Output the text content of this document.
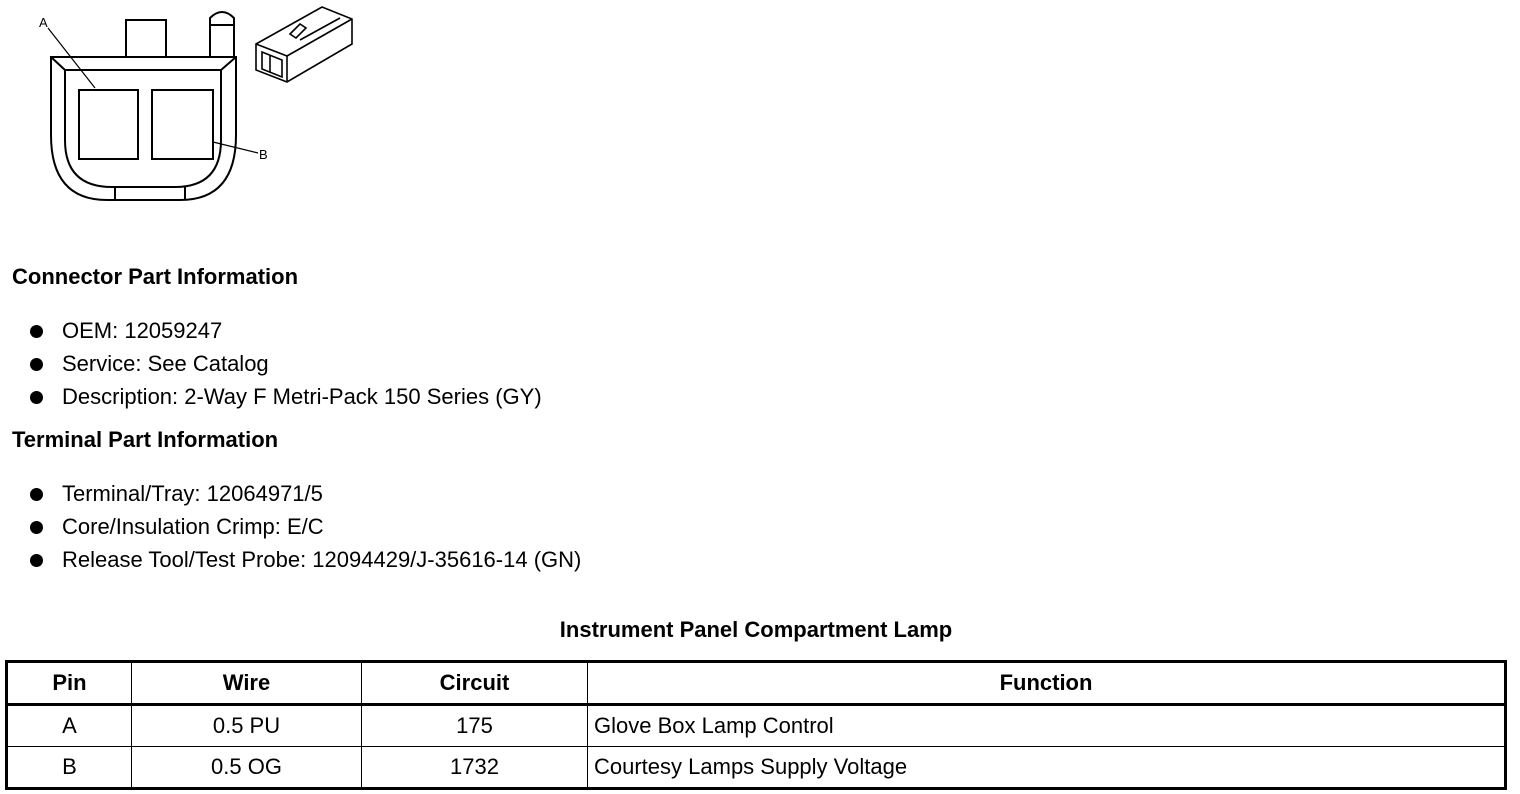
A
B
Connector Part Information
OEM: 12059247
Service: See Catalog
Description: 2-Way F Metri-Pack 150 Series (GY)
Terminal Part Information
Terminal/Tray: 12064971/5
Core/Insulation Crimp: E/C
Release Tool/Test Probe: 12094429/J-35616-14 (GN)
Instrument Panel Compartment Lamp
Pin	Wire	Circuit	Function
A	0.5 PU	175	Glove Box Lamp Control
B	0.5 OG	1732	Courtesy Lamps Supply Voltage
